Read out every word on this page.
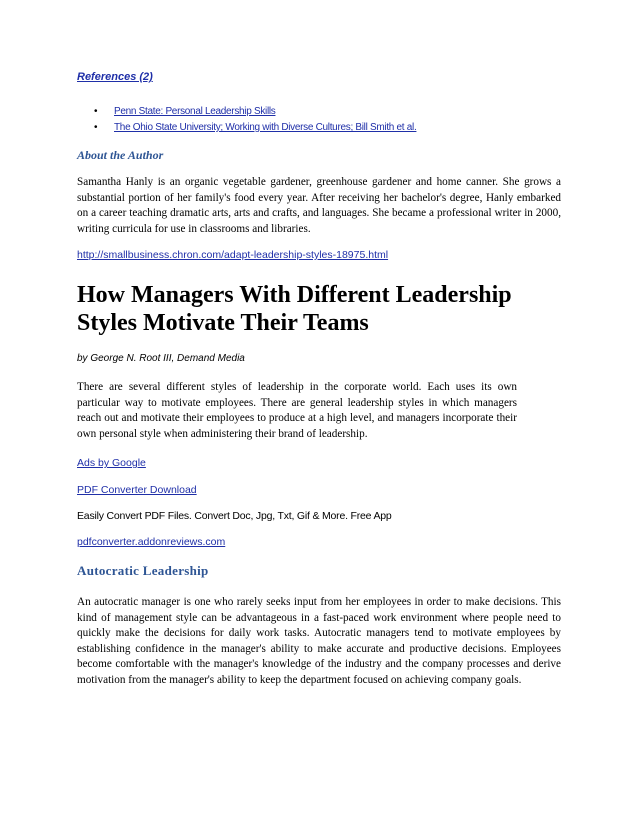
References (2)
• Penn State: Personal Leadership Skills
• The Ohio State University; Working with Diverse Cultures; Bill Smith et al.
About the Author

Samantha Hanly is an organic vegetable gardener, greenhouse gardener and home canner. She grows a substantial portion of her family's food every year. After receiving her bachelor's degree, Hanly embarked on a career teaching dramatic arts, arts and crafts, and languages. She became a professional writer in 2000, writing curricula for use in classrooms and libraries.

http://smallbusiness.chron.com/adapt-leadership-styles-18975.html
How Managers With Different Leadership Styles Motivate Their Teams
by George N. Root III, Demand Media

There are several different styles of leadership in the corporate world. Each uses its own particular way to motivate employees. There are general leadership styles in which managers reach out and motivate their employees to produce at a high level, and managers incorporate their own personal style when administering their brand of leadership.

Ads by Google
PDF Converter Download
Easily Convert PDF Files. Convert Doc, Jpg, Txt, Gif & More. Free App
pdfconverter.addonreviews.com
Autocratic Leadership

An autocratic manager is one who rarely seeks input from her employees in order to make decisions. This kind of management style can be advantageous in a fast-paced work environment where people need to quickly make the decisions for daily work tasks. Autocratic managers tend to motivate employees by establishing confidence in the manager's ability to make accurate and productive decisions. Employees become comfortable with the manager's knowledge of the industry and the company processes and derive motivation from the manager's ability to keep the department focused on achieving company goals.
